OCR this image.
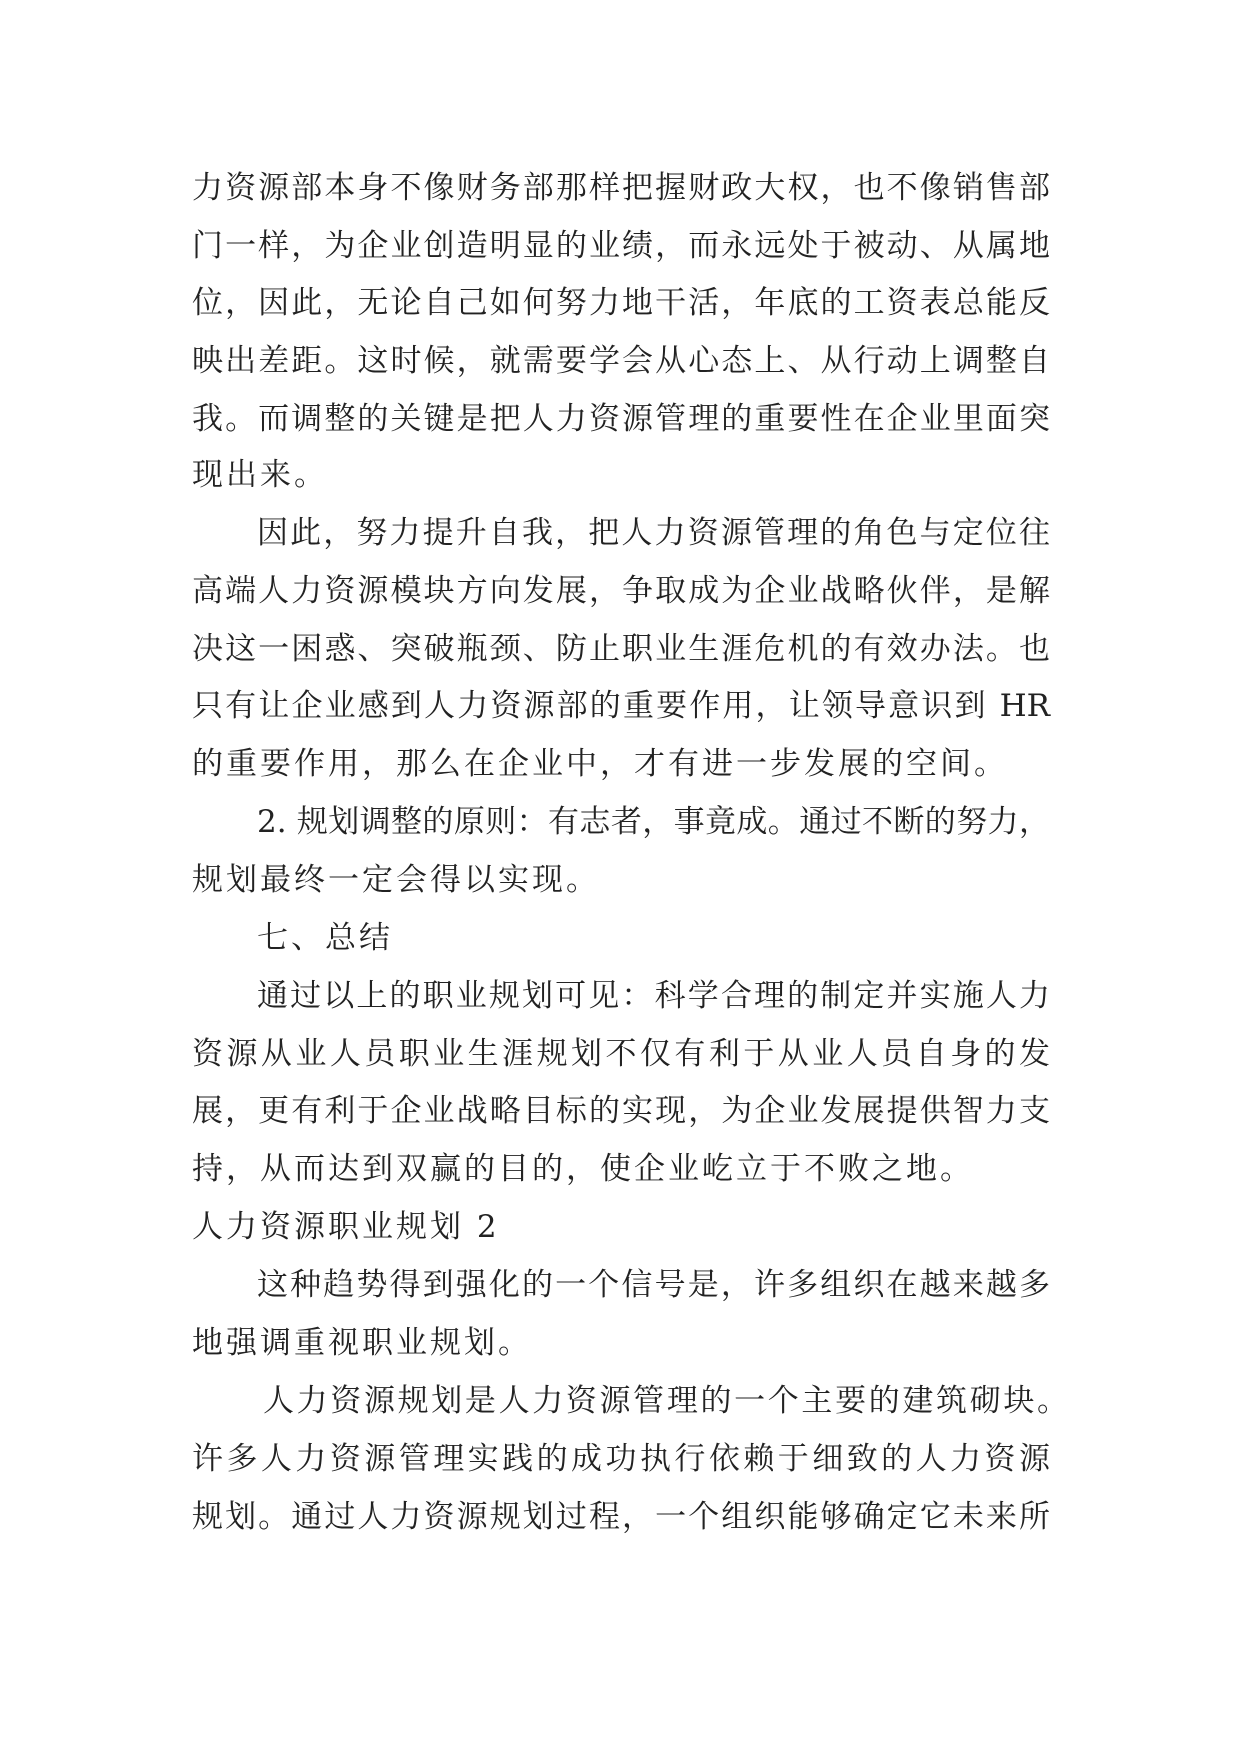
力资源部本身不像财务部那样把握财政大权，也不像销售部
门一样，为企业创造明显的业绩，而永远处于被动、从属地
位，因此，无论自己如何努力地干活，年底的工资表总能反
映出差距。这时候，就需要学会从心态上、从行动上调整自
我。而调整的关键是把人力资源管理的重要性在企业里面突
现出来。
因此，努力提升自我，把人力资源管理的角色与定位往
高端人力资源模块方向发展，争取成为企业战略伙伴，是解
决这一困惑、突破瓶颈、防止职业生涯危机的有效办法。也
只有让企业感到人力资源部的重要作用，让领导意识到 HR
的重要作用，那么在企业中，才有进一步发展的空间。
2. 规划调整的原则：有志者，事竟成。通过不断的努力，
规划最终一定会得以实现。
七、总结
通过以上的职业规划可见：科学合理的制定并实施人力
资源从业人员职业生涯规划不仅有利于从业人员自身的发
展，更有利于企业战略目标的实现，为企业发展提供智力支
持，从而达到双赢的目的，使企业屹立于不败之地。
人力资源职业规划 2
这种趋势得到强化的一个信号是，许多组织在越来越多
地强调重视职业规划。
人力资源规划是人力资源管理的一个主要的建筑砌块。
许多人力资源管理实践的成功执行依赖于细致的人力资源
规划。通过人力资源规划过程，一个组织能够确定它未来所
